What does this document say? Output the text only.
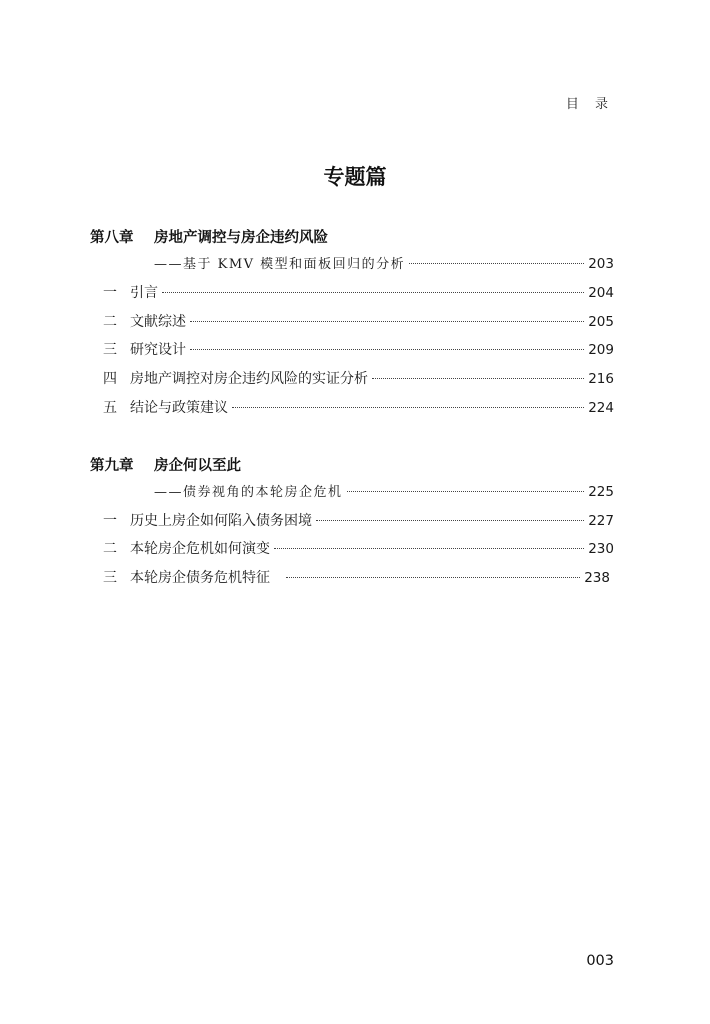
目 录
专题篇
第八章 房地产调控与房企违约风险
——基于 KMV 模型和面板回归的分析	203
一 引言	204
二 文献综述	205
三 研究设计	209
四 房地产调控对房企违约风险的实证分析	216
五 结论与政策建议	224
第九章 房企何以至此
——债券视角的本轮房企危机	225
一 历史上房企如何陷入债务困境	227
二 本轮房企危机如何演变	230
三 本轮房企债务危机特征	238
003
